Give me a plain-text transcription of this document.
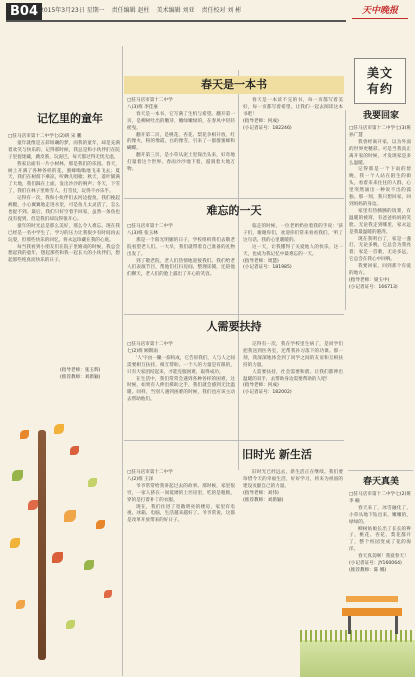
B04 2015年3月23日 星期一 责任编辑 赵柱 美术编辑 刘亚 责任校对 刘 彬	天中晚报
美文
有约
记忆里的童年
□驻马店市第十二中学七(2)班 宋 鹏

童年就像是五彩斑斓的梦，而我的童年，却是充满着欢笑与快乐的。记得那时候，我总是和小伙伴们在院子里捉迷藏，跳皮筋，玩泥巴，每天都过得无忧无虑。

我家后面有一片小树林，那是我们的乐园。春天，树上开满了各种各样的花，蜜蜂嗡嗡地飞来飞去；夏天，我们在树荫下乘凉，听蝉儿唱歌；秋天，落叶铺满了大地，我们踩在上面，发出沙沙的响声；冬天，下雪了，我们在林子里堆雪人、打雪仗，玩得不亦乐乎。

记得有一次，我和小伙伴们去河边捉鱼。我们挽起裤腿，小心翼翼地走进水里，可是鱼儿太灵活了，怎么也捉不到。最后，我们只好空着手回家，虽然一条鱼也没有捉到，但是我们却玩得很开心。

童年的时光总是那么美好，那么令人难忘。现在我已经是一名中学生了，学习的压力让我很少有时间再去玩耍，但那些快乐的回忆，将永远珍藏在我的心底。

每当我看到小朋友们在院子里嬉戏的时候，我总会想起我的童年，想起那些和我一起长大的小伙伴们，想起那些纯真而快乐的日子。

(指导老师：张玉辉)
(推荐教师：刘新颖)
春天是一本书
□驻马店市第十二中学
八(3)班 李佳豪

春天是一本书，它写满了生机与希望。翻开第一页，是柳树吐出的嫩芽，嫩绿嫩绿的，在春风中轻轻摇曳。

翻开第二页，是桃花、杏花、梨花争相开放，红的像火，粉的像霞，白的像雪，引来了一群群蜜蜂和蝴蝶。

翻开第三页，是小草从泥土里探出头来，好奇地打量着这个世界。春雨沙沙地下着，滋润着大地万物。

春天是一本读不完的书，每一页都写着美好，每一页都写着希望。让我们一起去阅读这本书吧！

(指导老师：何成)
(小记者证号：182246)
我要回家
□驻马店市第十二中学七(3)班 孙广慧

我曾经离开家，以为外面的世界更精彩。可是当我真正离开家的时候，才发现家是多么温暖。

记得那是一个下雨的傍晚，我一个人站在陌生的街头，看着来来往往的人群，心里突然涌出一种说不出的孤独。那一刻，我只想回家，回到妈妈的身边。

家里有热腾腾的饭菜，有温暖的被窝，有爸爸妈妈的笑脸。无论我走到哪里，家永远是我最温暖的港湾。

现在我明白了，家是一盏灯，无论多晚，它总会为我亮着；家是一首歌，无论多远，它总会在我心中回响。

我要回家，回到那个有爱的地方。

(指导老师：梁玉中)
(小记者证号：166713)
难忘的一天
□驻马店市第十二中学
八(3)班 张玉林

那是一个阳光明媚的日子，学校组织我们去敬老院看望老人们。一大早，我们就带着自己准备的礼物出发了。

到了敬老院，老人们热情地迎接我们。我们给老人们表演节目，帮他们打扫房间、整理床铺，还陪他们聊天。老人们的脸上露出了开心的笑容。

临走的时候，一位老奶奶拉着我的手说：'孩子们，谢谢你们，欢迎你们常来看看我们。'听了这句话，我的心里暖暖的。

这一天，让我懂得了关爱他人的快乐，这一天，也成为我记忆中最难忘的一天。

(指导老师：周慧)
(小记者证号：181985)
人需要扶持
□驻马店市第十二中学
七(2)班 顾斯雨

'人'字由一撇一捺构成，它告诉我们，人与人之间需要相互扶持，相互帮助。一个人的力量是有限的，只有大家团结起来，才能克服困难，取得成功。

在生活中，我们常常会遇到各种各样的困难，这时候，如果有人伸出援助之手，我们就会感到无比温暖。同样，当别人遇到困难的时候，我们也应该主动去帮助他们。

记得有一次，我在学校里生病了，是同学们把我送到医务室，还帮我补习落下的功课。那一刻，我深深地体会到了同学之间的友谊和互相扶持的力量。

人需要扶持，社会需要和谐。让我们都伸出温暖的双手，去帮助身边需要帮助的人吧！

(指导老师：何成)
(小记者证号：182002)
旧时光 新生活
□驻马店市第十二中学
八(2)班 王泽

爷爷常常给我讲起过去的故事。那时候，家里很穷，一家人挤在一间低矮的土坯房里，吃的是粗粮，穿的是打着补丁的衣服。

现在，我们住进了宽敞明亮的楼房，家里有电视、冰箱、电脑，生活越来越好了。爷爷常说，这都是改革开放带来的好日子。

旧时光已经远去，新生活正在继续。我们要珍惜今天的幸福生活，好好学习，将来为祖国的建设贡献自己的力量。

(指导老师：刘伟)
(推荐教师：刘新颖)
春天真美
□驻马店市第十二中学七(2)班 李 楠

春天来了，冰雪融化了，小草从地下钻出来，嫩嫩的，绿绿的。

柳树姑娘长出了长长的辫子，桃花、杏花、梨花都开了，整个校园变成了花的海洋。

春天真美啊！我爱春天！

(小记者证号：JY160064)
(推荐教师：陈 娜)
